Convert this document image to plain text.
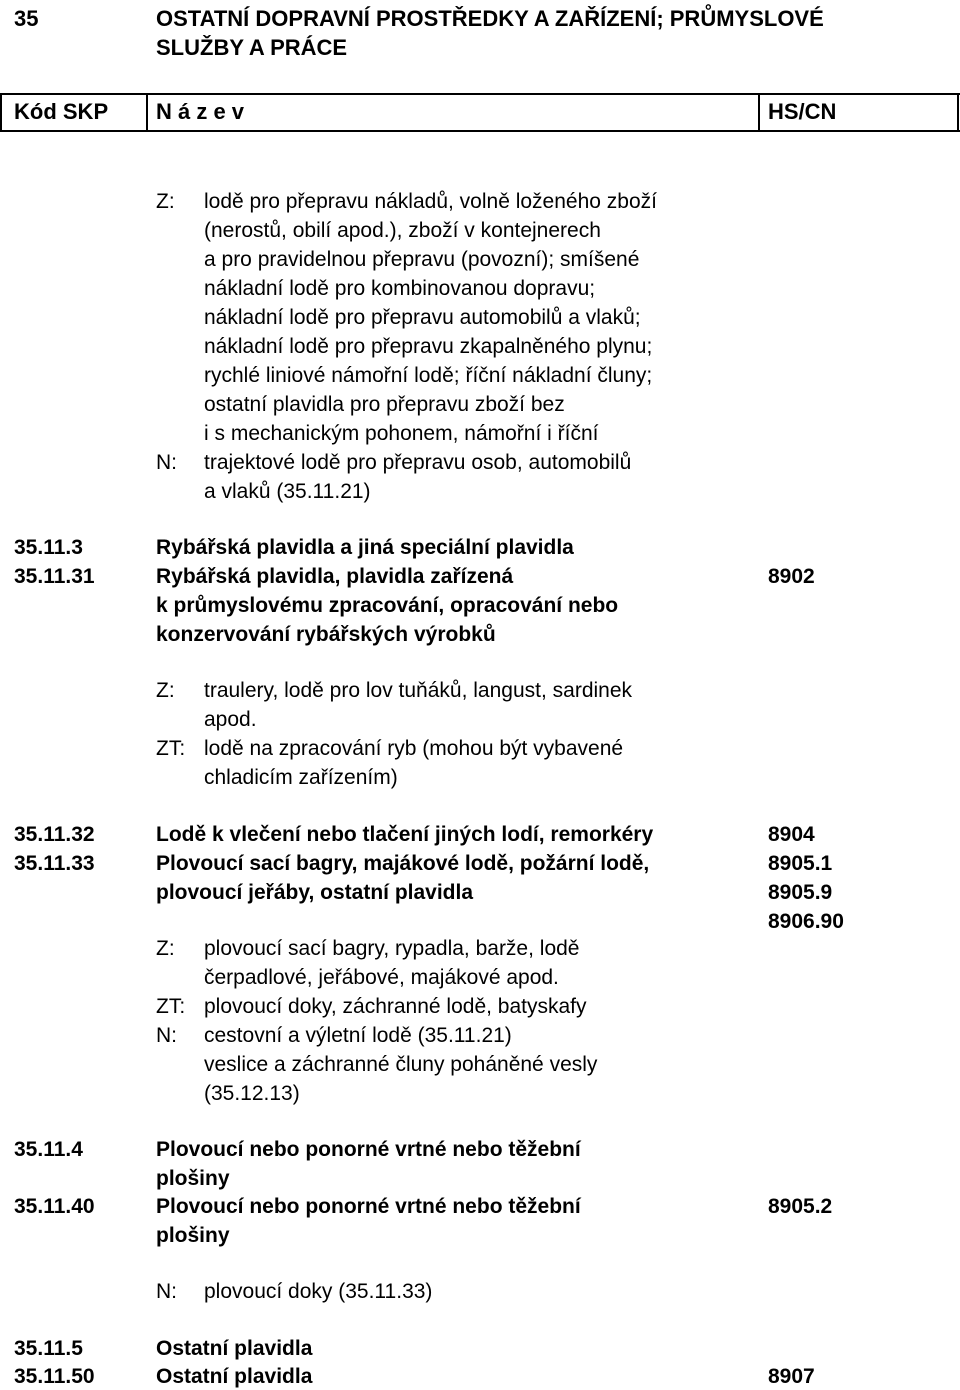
35	OSTATNÍ DOPRAVNÍ PROSTŘEDKY A ZAŘÍZENÍ; PRŮMYSLOVÉ
SLUŽBY A PRÁCE
Kód SKP N á z e v	HS/CN
Z: lodě pro přepravu nákladů, volně loženého zboží
(nerostů, obilí apod.), zboží v kontejnerech
a pro pravidelnou přepravu (povozní); smíšené
nákladní lodě pro kombinovanou dopravu;
nákladní lodě pro přepravu automobilů a vlaků;
nákladní lodě pro přepravu zkapalněného plynu;
rychlé liniové námořní lodě; říční nákladní čluny;
ostatní plavidla pro přepravu zboží bez
i s mechanickým pohonem, námořní i říční
N: trajektové lodě pro přepravu osob, automobilů
a vlaků (35.11.21)
35.11.3	Rybářská plavidla a jiná speciální plavidla
35.11.31	Rybářská plavidla, plavidla zařízená	8902
k průmyslovému zpracování, opracování nebo
konzervování rybářských výrobků
Z: traulery, lodě pro lov tuňáků, langust, sardinek
apod.
ZT: lodě na zpracování ryb (mohou být vybavené
chladicím zařízením)
35.11.32	Lodě k vlečení nebo tlačení jiných lodí, remorkéry	8904
35.11.33	Plovoucí sací bagry, majákové lodě, požární lodě,	8905.1
plovoucí jeřáby, ostatní plavidla	8905.9
8906.90
Z: plovoucí sací bagry, rypadla, barže, lodě
čerpadlové, jeřábové, majákové apod.
ZT: plovoucí doky, záchranné lodě, batyskafy
N: cestovní a výletní lodě (35.11.21)
veslice a záchranné čluny poháněné vesly
(35.12.13)
35.11.4	Plovoucí nebo ponorné vrtné nebo těžební
plošiny
35.11.40	Plovoucí nebo ponorné vrtné nebo těžební	8905.2
plošiny
N: plovoucí doky (35.11.33)
35.11.5	Ostatní plavidla
35.11.50	Ostatní plavidla	8907
